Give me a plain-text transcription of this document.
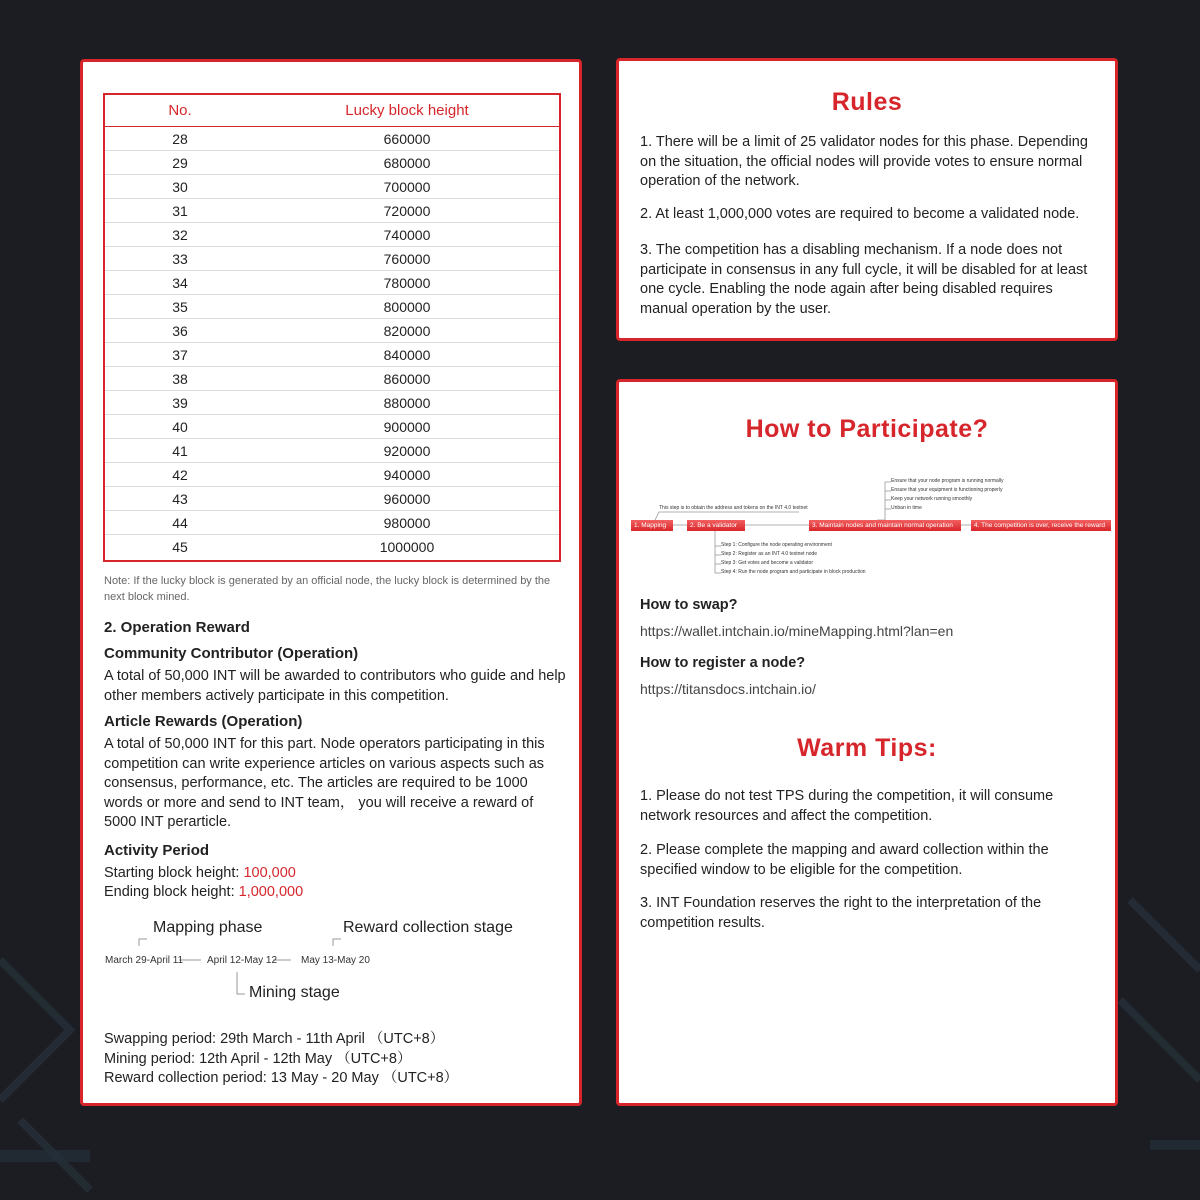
No.	Lucky block height
28	660000
29	680000
30	700000
31	720000
32	740000
33	760000
34	780000
35	800000
36	820000
37	840000
38	860000
39	880000
40	900000
41	920000
42	940000
43	960000
44	980000
45	1000000
Note: If the lucky block is generated by an official node, the lucky block is determined by the next block mined.
2. Operation Reward
Community Contributor (Operation)
A total of 50,000 INT will be awarded to contributors who guide and help other members actively participate in this competition.
Article Rewards (Operation)
A total of 50,000 INT for this part. Node operators participating in this competition can write experience articles on various aspects such as consensus, performance, etc. The articles are required to be 1000 words or more and send to INT team， you will receive a reward of 5000 INT perarticle.
Activity Period
Starting block height: 100,000
Ending block height: 1,000,000
Mapping phase	Reward collection stage
March 29-April 11 April 12-May 12 May 13-May 20
Mining stage
Swapping period: 29th March - 11th April （UTC+8）
Mining period: 12th April - 12th May （UTC+8）
Reward collection period: 13 May - 20 May （UTC+8）
Rules
1. There will be a limit of 25 validator nodes for this phase. Depending on the situation, the official nodes will provide votes to ensure normal operation of the network.
2. At least 1,000,000 votes are required to become a validated node.
3. The competition has a disabling mechanism. If a node does not participate in consensus in any full cycle, it will be disabled for at least one cycle. Enabling the node again after being disabled requires manual operation by the user.
How to Participate?
This step is to obtain the address and tokens on the INT 4.0 testnet
1. Mapping	2. Be a validator	3. Maintain nodes and maintain normal operation	4. The competition is over, receive the reward
Ensure that your node program is running normally
Ensure that your equipment is functioning properly
Keep your network running smoothly
Unban in time
Step 1: Configure the node operating environment
Step 2: Register as an INT 4.0 testnet node
Step 3: Get votes and become a validator
Step 4: Run the node program and participate in block production
How to swap?
https://wallet.intchain.io/mineMapping.html?lan=en
How to register a node?
https://titansdocs.intchain.io/
Warm Tips:
1. Please do not test TPS during the competition, it will consume network resources and affect the competition.
2. Please complete the mapping and award collection within the specified window to be eligible for the competition.
3. INT Foundation reserves the right to the interpretation of the competition results.
